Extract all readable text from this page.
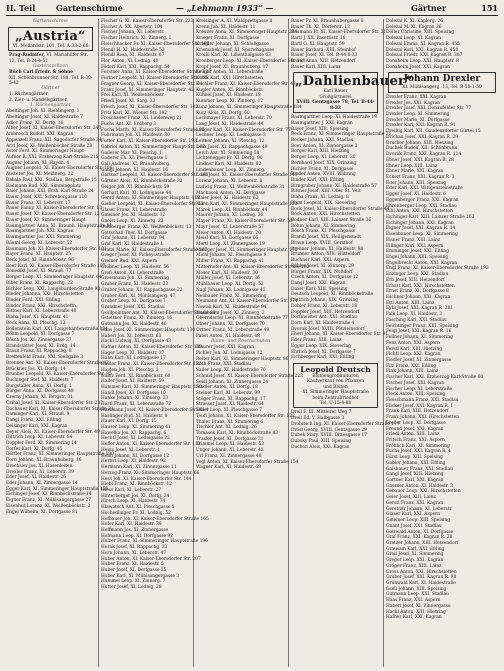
II. Teil	Gartenschirme	— „Lehmann 1933“ —	Gärtner	151
Gartenschirme
„Austria“
VI. Mollardstr. 101, Tel. A-33-2-66
Prag-Rudnifer, VI. Mariahilfer Str. 13, Tel. B-24-4-51
Gartenspritzen
Büch Carl Friedr. & Söhne
XII. Schönbrunner Str. 188. Tel. R-30-5-42
Gärtner
1. Rüchengärtner.
2. Zier- u. Handelsgärtner.
1. Rüchengärtner
Abeltinger Joh. XI. Rieblingerg. 1
Abeltinger Josef, XI. Haidestraße 7
Adler Franz, XI. Dorfg. 16
Alber Josef, XI. Kaiser-Ebersdorfer Str. 240
Ambrosch Rudolf, XXI. Kagran
Appenzell Franz, XII. Sagedorfer Straße 34
Arzt Josef, XI. Weißenböcker Straße 28
Aster Ferd. XI. Simmeringer Haupt
Aufner R. XXI. Erzherzog Karl-Straße 215
Augner Johann, XI. Haydn. 4
Augner Leopold, XI. Kaiser-Ebersdorfer Str. 106
Austerer Jos. XI. Meißnerg. 22
Babala Paul, XXI. Stadlau, Bergstraße 15
Badmann Rud. XXI. Simmingplatz
Baier Johann, XXI. Erzh. Karl-Straße 24
Bauer Josef, XXI. Schrebergasse 110
Bauer Franz, XI. Leberstr. 17
Bauer Fanny, XI. Kaiser-Ebersdorfer Str. 13
Bauer Josef, XI. Kaiser-Ebersdorfer Str. 13
Bauer Josef, XI. Simmeringer Haupt
Baumgartner Anna, XI. Braunh. Hauptstraße 91
Baumgartner Joh. XXI. Kagran
Baumgartner Jos. XXI. Simmering
Bäuml Georg, XI. Leberstr. 52
Baumann Joh. XI. Kaiser-Ebersdorfer Str. 101
Bayer Franz, XI. Hauptstr. 25
Beck Josef, XI. Rinnböckstr. 96
Beer Karl, XI. Kaiser-Ebersdorfer Straße 107
Benedikt Josef, XI. Strauß. 77
Berger Leop. XI. Simmeringer Hauptstr. 64
Biber Franz, XI. Rappachg. 22
Bichler Leop. XXI. Langobarden-Straße 98
Binder Johanna, XXI. Hirschstetten
Binder Ferd. XXI. Eßling
Binder Franz, XXI. Hirschstettn.
Bittner Karl, XI. Leberstraße 40
Blaha Josef, XI. Hauptstr. 41
Bock Anna, XI. Pleschg. 13
Bodenstein Karl, XXI. Langobardenstraße 134
Böhm Leopold, XI. Dorfgasse 7
Bösch Jos. XI. Zinnergasse 37
Brandstätter Josef, XI. Erdg. 14
Braun Franz, XI. Rappachg. 8
Breitenfeld Franz, XXI. Sießgaße 3
Brenner Ant. XI. Kaiser-Ebersdorfer Straße 82
Brückner Jos. XI. Dorfg. 14
Brunner Leopold, XI. Kaiser-Ebersdorfer Str. 85
Buchinger Stef. XI. Haidestr. 7
Burgstaller Anna, XI. Dorfg. 1
Bürger Anna, XI. Dorfgasse 48
Czerny Johann, XI. Bergstr. 31
Czihal Josef, XI. Kaiser-Ebersdorfer Str. 237
Dachauer Karl, XI. Kaiser-Ebersdorfer Straße 21
Daminger Karl, XI. Strauß. 9
Dangl Franz, XXI. Eßling
Deisinger Karl, XXI. Kagran
Deyer Alois, XI. Kaiser-Ebersdorfer Str. 49
Dittrich Leop. XI. Leberstr. 84
Doppler Ferd. XI. Simmering 14
Dorfer Karl, XI. Dorfg. 45
Dörfler Franz, XI. Simmeringer Hauptstraße 190
Dorn Johann, XI. Braunhuberg. 16
Drechsler Jos. XI. Hasenleiten
Drexler Franz, XI. Leberstr. 39
Eder Josef, XI. Haidestr. 26
Eder Johann, XI. Zinnergasse 14
Egger Karl, XI. Simmeringer Hauptstraße 158
Eichinger Josef, XI. Rinnböckstraße 14
Eigner Franz, XI. Mühlsangergasse 27
Eisenhut Lorenz, XI. Weißenböckstr. 3
Engel Wilhelm, XI. Dorfgasse 81
Fischer G. XI. Kaiser-Ebersdorfer Str. 223
Fischer A. XX. Abertstr. 104
Fischer Johann, XI. Leberstr.
Fischer Heinrich, XI. Zinnerg. 1
Fleischhacker Fr. XI. Kaiser-Ebersdorfer Str. 106
Flendl H. XI. Haidestraße 52
Flendl Rosa, XI. Haidestr. 67
Flor Anton, XI. Lodnig. 40
Föderl Karl, XXI. Rappachg. 54
Forstner Anna, XI. Kaiser-Ebersdorfer Straße 122
Fortner Leopold, XI. Kaiser-Ebersdorfer Str. 165
Fragner Georg, XI. Kaiser-Ebersdorfer Str. 74
Franz Josef, XI. Simmeringer Hauptstr. 42
Frei Karl, XI. Weißenböckstr.
Friedl Josef, XI. Sarg. 33
Frisch Josef, XI. Kaiser-Ebersdorfer Str. 102
Fritz Karl, XI. Wiener Str. 182
Froschauer Franz, XI. Lindenweg 21
Fuchs Ant. XI. Erdberg 3
Fuchs Matth. XI. Kaiser-Ebersdorfer Straße 95
Fuhrmann Joh. XI. Haidestr. 30
Futter Karl, XI. Kaiser-Ebersdorfer Str. 193
Gabriel Anton, XI. Simmeringer Haupt-Str. 107
Gaderer Mar. XI. Pleschg. 1
Gaderer Th. XI. Pleschgasse 1
Gall Andreas, XI. Braunhuberg.
Gangl Johann, XI. Haidestr. 16
Gartner Leopold, XI. Kaiser-Ebersdorfer Str. 181
Gärtner Alois, XI. Rinnböckstraße 32
Geiger Joh. XI. Rinnböckstr. 59
Gerhart Karl, XI. Lodnigasse 44
Gerstl Anton, XI. Simmeringer Hauptstr. 112
Gießer Leopold, XI. Kaiser-Ebersdorfer Str. 53
Glaser Franz, XI. Leberstraße
Gmeiner Jos. XI. Haidestr. 12
Gneist Leop. XI. Zinnerg. 23
Goldberger Franz, XI. Weißenböckstr. 13
Gottschall Ther. XI. Dorfgasse
Graf Johann, XI. Leberstr. 94
Graf Karl, XI. Haidestraße 1
Gratzl Marie, XI. Kaiser-Ebersdorfer Straße 167
Gregor Josef, XI. Fickeysstraße
Greiner Rud. XXI. Aspern
Gröbner Leop. XI. Haidestr. 56
Groß Anton, XI. Leberstraße
Grossmann Joh. XI. Simmering
Gruber Franz, XI. Haidestr. 23
Gruber Johann, XI. Rappachgasse 22
Gruber Karl, XI. Mühlsangerg. 47
Gruber Leop. XI. Dorfgasse 7
Grundner Josef, XXI. Stadlau
Gsöllpointner Ant. XI. Kaiser-Ebersdorfer Straße 89
Gstettner Franz, XI. Zinnerg. 16
Gutmann Jos. XI. Haidestr. 46
Haas Josef, XI. Simmeringer Hauptstr. 130
Haberl Jos. XI. Leberstr. 63
Hackl Ludwig, XI. Dorfgasse 43
Hafner Anton, XI. Kaiser-Ebersdorfer Str. 139
Hager Leop. XI. Haidestr. 37
Hahn Karl, XI. Lodnigasse 17
Haider Franz, XI. Kaiser-Ebersdorfer Str. 182
Haiden Joh. XI. Pleschg. 3
Hainz Ferd. XI. Rinnböckstr. 60
Haller Josef, XI. Haidestr. 59
Hammer Karl, XI. Simmeringer Hauptstr. 150
Handl Josef, XI. Dorfgasse 10
Hanke Johann, XI. Zinnerg. 33
Hartl Franz, XI. Leberstraße 72
Hartmann Josef, XI. Kaiser-Ebersdorfer Straße 4
Haslinger Rud. XI. Haidestr. 9
Hauer Karl, XI. Dorfg. 15
Hauser Leop. XI. Simmering 41
Hawelka Jos. XI. Rappachg. 6
Hechtl Josef, XI. Lodnigasse 23
Hefler Anton, XI. Kaiser-Ebersdorfer Str. 112
Heinz Josef, XI. Leberstr. 1
Helm Johann, XI. Dorfgasse 12
Herbst Leop. XI. Haidestr. 92
Hermann Karl, XI. Zinnergasse 11
Herzog Franz, XI. Simmeringer Hauptstr. 66
Hess Joh. XI. Kaiser-Ebersdorfer Str. 144
Hiebl Franz, XI. Rinnböckstr. 12
Hiess Karl, XI. Leberstr. 27
Hinterberger Jos. XI. Dorfg. 34
Hirsch Leop. XI. Haidestr. 74
Hlawatsch Ant. XI. Pleschgasse 5
Hochedlinger Fr. XI. Lodnig. 52
Hofbauer Joh. XI. Kaiser-Ebersdorfer Straße 165
Hofer Karl, XI. Haidestr. 39
Hoffmann Jos. XI. Zinnergasse
Hofmann Leop. XI. Dorfgasse 92
Holzer Franz, XI. Simmeringer Hauptstraße 196
Horak Josef, XI. Rappachg. 33
Horn Johann, XI. Leberstr. 47
Huber Anton, XI. Kaiser-Ebersdorfer Str. 207
Huber Franz, XI. Haidestr. 5
Huber Josef, XI. Dorfgasse 25
Huber Karl, XI. Mühlsangergasse 3
Hummel Leop. XI. Zinnerg. 7
Hütter Josef, XI. Lodnig. 28
Kreisinger A. XI. Waldprettgasse 8
Krenn Joh. XI. Haidestr. 11
Kreuzer Anna, XI. Simmeringer Hauptstr. 204
Krieger Franz, XI. Dorfgasse
Kriegler Johann, XI. Schloßgasse
Krismanek Josef, XI. Sporwhagasse
Kroißl Karl, XI. Lilienthalgasse 63
Kronberger Leop. XI. Kaiser-Ebersdorfer Str. 168
Kropf Josef, XI. Braunhuberg. 17
Krüger Anton, XI. Leberstraße
Kubik Karl, XXI. Hirschstetten
Kuchler Franz, XI. Kaiser-Ebersdorfer Str. 48
Kugler Anton, XI. Rinnböckstr.
Kühnel Josef, XI. Haidestr. 18
Kummer Leop. XI. Zinnerg. 12
Kunz Johann, XI. Simmeringer Hauptstraße 184
Kurz Alois, XI. Dorfg. 60
Lachmayer Franz, XI. Leberstr. 70
Lang Josef, XI. Haidestraße 44
Langer Karl, XI. Kaiser-Ebersdorfer Str. 77
Lechner Leop. XI. Lodnigasse 3
Leitner Johann, XI. Pleschg. 12
Lenz Josef, XI. Rappachgasse 49
Lerch Ant. XI. Simmering 58
Lichtenegger Fr. XI. Dorfg. 90
Lindner Karl, XI. Haidestr. 82
Lindenbauer Leop. XI. Zinnerg.
Loidl Josef, XI. Kaiser-Ebersdorfer Straße 141
Lorenz Johann, XI. Leberstr. 8
Ludwig Franz, XI. Weißenböckstraße 31
Machacek Anton, XI. Dorfgasse
Maier Josef, XI. Haidestr. 62
Mann Karl, XI. Simmeringer Hauptstraße 123
Marek Leop. XI. Rinnböckstr. 44
Maurer Johann, XI. Lodnig. 36
Mayer Franz, XI. Kaiser-Ebersdorfer Str. 55
Mayr Josef, XI. Leberstraße 57
Meier Anton, XI. Haidestr. 20
Meisl Karl, XI. Dorfgasse 66
Mertl Leop. XI. Zinnergasse 19
Metzger Josef, XI. Simmeringer Hauptstr. 170
Michl Johann, XI. Pleschgasse 9
Miller Franz, XI. Rappachg. 41
Mitterhofer Ant. XI. Kaiser-Ebersdorfer Straße 100
Moser Karl, XI. Haidestr. 30
Müller Josef, XI. Leberstr. 36
Mühlbauer Leop. XI. Dorfg. 52
Nagl Johann, XI. Lodnigasse 41
Neubauer Franz, XI. Simmering
Neumann Ant. XI. Kaiser-Ebersdorfer Str. 171
Nowak Karl, XI. Haidestraße 94
Nussbaum Josef, XI. Zinnerg. 2
Oberndorfer Leop. XI. Rinnböckstraße 77
Ofner Johann, XI. Dorfgasse 70
Ortner Franz, XI. Leberstraße 49
Pabst Anton, XI. Haidestr. 48
Baum- und Rosenschulen
Maurer Josef, XXI. Kagran
Pichler Joh. XI. Lodnigasse 12
Reiter Karl, XI. Simmeringer Hauptstr. 86
Roth Franz, XXI. Stadlau
Sailer Leop. XI. Haidestraße 70
Schmid Josef, XI. Kaiser-Ebersdorfer Straße 223
Seidl Johann, XI. Zinnergasse 24
Stadler Anton, XI. Dorfg. 18
Steiner Karl, XI. Leberstr. 99
Stöger Franz, XI. Rappachg. 17
Strasser Josef, XI. Haidestr. 64
Taller Leop. XI. Pleschgasse 7
Teufl Johann, XI. Kaiser-Ebersdorfer Str. 122
Thaler Franz, XI. Simmering 6
Tischler Ant. XI. Lodnig. 26
Tomasek Karl, XI. Rinnböckstraße 83
Traxler Josef, XI. Dorfgasse 31
Trimmel Leop. XI. Haidestr. 53
Unger Johann, XI. Leberstr. 43
Url Franz, XI. Zinnergasse 48
Vogl Anton, XI. Kaiser-Ebersdorfer Straße 154
Wagner Karl, XI. Haidestr. 68
Bauer Fr. XI. Braunhubergasse 8
Bauer Th. XI. Dörferstr. 13
Baumann Fr. XI. Kaiser-Ebersdorfer Str. 21
Bartl J. XX. Pasettistr. 16
Bartl G. XI. Hauptstr. 59
Bauer Barbara, XIII. Steinhof
Bauer Josef, XI. Tel. B-44-8-33
Bauer Anna, XIII. Hetzendorf
Bauer Karl, XIII. Lainz
„Dahlienbauer“
Karl Bauer
Großgärtnerei
XVIII. Gentzgasse 78, Tel. B-44-8-33
Baumgartner Leop. XI. Haidestraße 19
Baumgartner J. XXI. Kagran
Bayer Josef, XIII. Speising
Beck Franz, XI. Simmeringer Hauptstraße 21
Becker Johann, XXI. Stadlau
Beer Anton, XI. Zinnergasse 3
Berger Karl, XIII. Hietzing
Berger Leop. XI. Leberstr. 30
Bernhard Josef, XIX. Grinzing
Bichler Franz, XI. Dorfgasse
Binder Anton, XVIII. Währing
Binder Karl, XXI. Eßling
Birngruber Johann, XI. Haidestraße 57
Bittner Josef, XIII. Ober St. Veit
Blaha Franz, XI. Lodnig. 8
Blum Leopold, XIX. Sievering
Bock Josef, XI. Kaiser-Ebersdorfer Straße 44
Böck Anton, XXI. Hirschstetten
Bodner Karl, XIII. Lainzer Straße 36
Böhm Johann, XI. Simmering
Bösch Franz, XI. Pleschgasse
Brandl Josef, XIX. Heiligenstadt
Braun Leop. XVIII. Gersthof
Brenner Johann, XI. Haidestr. 88
Brunner Anton, XIII. Hütteldorf
Buchner Karl, XXI. Aspern
Bühler Josef, XI. Zinnerg. 29
Bürger Franz, XIX. Nußdorf
Czech Anton, XI. Dorfgasse 12
Dangl Josef, XXI. Kagran
Daxer Karl, XIII. Speising
Deutsch Leopold, XI. Rinnböckstraße
Dietrich Johann, XIX. Grinzing
Dobler Franz, XI. Leberstr. 18
Doppler Josef, XIII. Hetzendorf
Dorfmeister Ant. XXI. Stadlau
Dorn Karl, XI. Haidestraße 4
Dvorak Josef, XVIII. Pötzleinsdorf
Eberl Johann, XI. Kaiser-Ebersdorfer Str. 91
Eder Franz, XIII. Lainz
Egger Leop. XIX. Sievering
Ehrlich Josef, XI. Dorfgasse 7
Eichberger Karl, XXI. Eßling
Leopold Deutsch
Blumengroßkulturen
Kaufverkauf von Pflanzen
und Blüten
XI. Simmeringer Hauptstraße
beim Zentralfriedhof
Tel. U-15-4-88
Dreil F. III. Mittlerer Weg 7
Dreil Ed. V. Halbgasse 3
Drobitsch Ing. XI. Kaiser-Ebersdorfer Straße 177
Drösl Georg, XVIII. Gentzgasse 29
Dubek Mary, XVIII. Dittesgasse 17
Dubsky Paul, XIII. Speising
Duchon Alois, XXI. Kagran
Dolezal K. XI. Kaplerg. 26
Dolezal M. XI. Kagran 26
Döller Christine, XIII. Speising
Dolezal Leop. XI. Kagran
Dolezal Emma, XI. Kagran R. 455
Dolezal Karl, XXI. Kagran R. 450
Dolezal Friedr. XXI. Kagran R. 387
Donaheim Leop. XXI. Hauptstr. 8
Donaheim Josef, XXI. Kagran
Johann Drexler
XI. Mühlsangerg. 13, Tel. B-50-1-50
Drexler Franz, XXI. Kagran
Drexler Jos. XXI. Kagran
Drexler Josef, XXI. Donaufelder Str. 77
Drexler Leop. XI. Simmering
Drexler Marie, XI. Dorfgasse
Drexler Karl, XXI. Kagran R. 91
Dreißig Karl, XII. Gaudenzdorfer Gürtel 15
Drichan Josef, XXI. Kagran R. 29
Drucker Johann, XIII. Hietzing
Duchek Rudolf, XII. Schönbrunn
Dvorak Franz, XXI. Kagran R. 114
Ebner Josef, XXI. Kagran R. 28
Ebner Leop. XIII. Lainz
Ebner Marie, XXI. Kagran
Eckert Franz, XXI. Kagran R. 3
Eder Johann, XIII. Speising
Eder Karl, XXI. Wittgensteinstraße
Egger Josef, XI. Haidestr. 6
Eggenberger Franz, XXI. Kagran
Ehrenberger Leop. XXI. Stadlau
Eibl Anton, XXI. Hirschstetten
Eichinger Karl, XIII. Lainzer Straße 163
Eichinger Johann, XXI. Kagran
Eigner Josef, XXI. Kagran R. 14
Eisenbauer Leop. XI. Simmering
Eisner Franz, XIII. Lainz
Ellinger Karl, XXI. Aspern
Emminger Josef, XXI. Eßling
Engel Johann, XIII. Speising
Engelbrecht Anton, XXI. Kagran
Engl Franz, XI. Kaiser-Ebersdorfer Straße 193
Enzinger Leop. XXI. Stadlau
Erb Josef, XIII. Hetzendorf
Erhart Karl, XXI. Hirschstetten
Ernst Franz, XI. Dorfgasse 8
Eschner Johann, XXI. Kagran
Ettl Anton, XIII. Lainz
Eybl Josef, XXI. Kagran R. 281
Falk Leop. XI. Haidestr. 3
Fasching Karl, XXI. Stadlau
Feichtinger Franz, XIII. Speising
Feigl Josef, XXI. Kagran R. 16
Fellner Johann, XI. Simmering
Fenz Anton, XXI. Aspern
Ferstl Karl, XIII. Hietzing
Fichtl Leop. XXI. Kagran
Fiedler Josef, XI. Zinnergasse
Filz Franz, XXI. Eßling
Fink Johann, XIII. Lainz
Fischer Karl, XXI. Erzherzog Karl-Straße 60
Fischer Josef, XXI. Kagran
Fischer Leop. XI. Leberstraße
Fleck Anton, XIII. Speising
Fleischmann Franz, XXI. Stadlau
Flicker Josef, XXI. Kagran R. 1
Frank Karl, XIII. Hetzendorf
Franz Johann, XXI. Hirschstetten
Freiler Leop. XI. Dorfgasse
Freund Josef, XXI. Kagran
Friedl Anton, XIII. Lainz
Fritsch Franz, XXI. Aspern
Fröhlich Karl, XI. Simmering
Fuchs Josef, XXI. Kagran R. 4
Fürst Leop. XIII. Speising
Gabler Johann, XXI. Eßling
Gaisbauer Franz, XXI. Stadlau
Gangl Josef, XIII. Hietzing
Gartner Karl, XXI. Kagran
Gassner Anton, XI. Haidestr. 3
Gebauer Leop. XXI. Hirschstetten
Geier Josef, XIII. Lainz
Gerstl Franz, XXI. Kagran
Gerstner Johann, XI. Leberstr.
Glaser Karl, XXI. Aspern
Gmeiner Leop. XIII. Speising
Gnant Josef, XXI. Stadlau
Gottwald Anton, XI. Dorfgasse
Graf Franz, XXI. Kagran R. 28
Gratzer Johann, XIII. Hetzendorf
Grausam Karl, XXI. Eßling
Greil Josef, XI. Simmering
Gregor Leop. XXI. Kagran
Gröger Franz, XIII. Lainz
Gross Anton, XXI. Hirschstetten
Gruber Josef, XXI. Kagran R. 98
Grünwald Karl, XI. Haidestraße
Gsell Johann, XIII. Speising
Gutmann Leop. XXI. Stadlau
Haas Franz, XXI. Aspern
Haberl Josef, XI. Zinnergasse
Hackl Anton, XIII. Hietzing
Hafner Karl, XXI. Kagran
